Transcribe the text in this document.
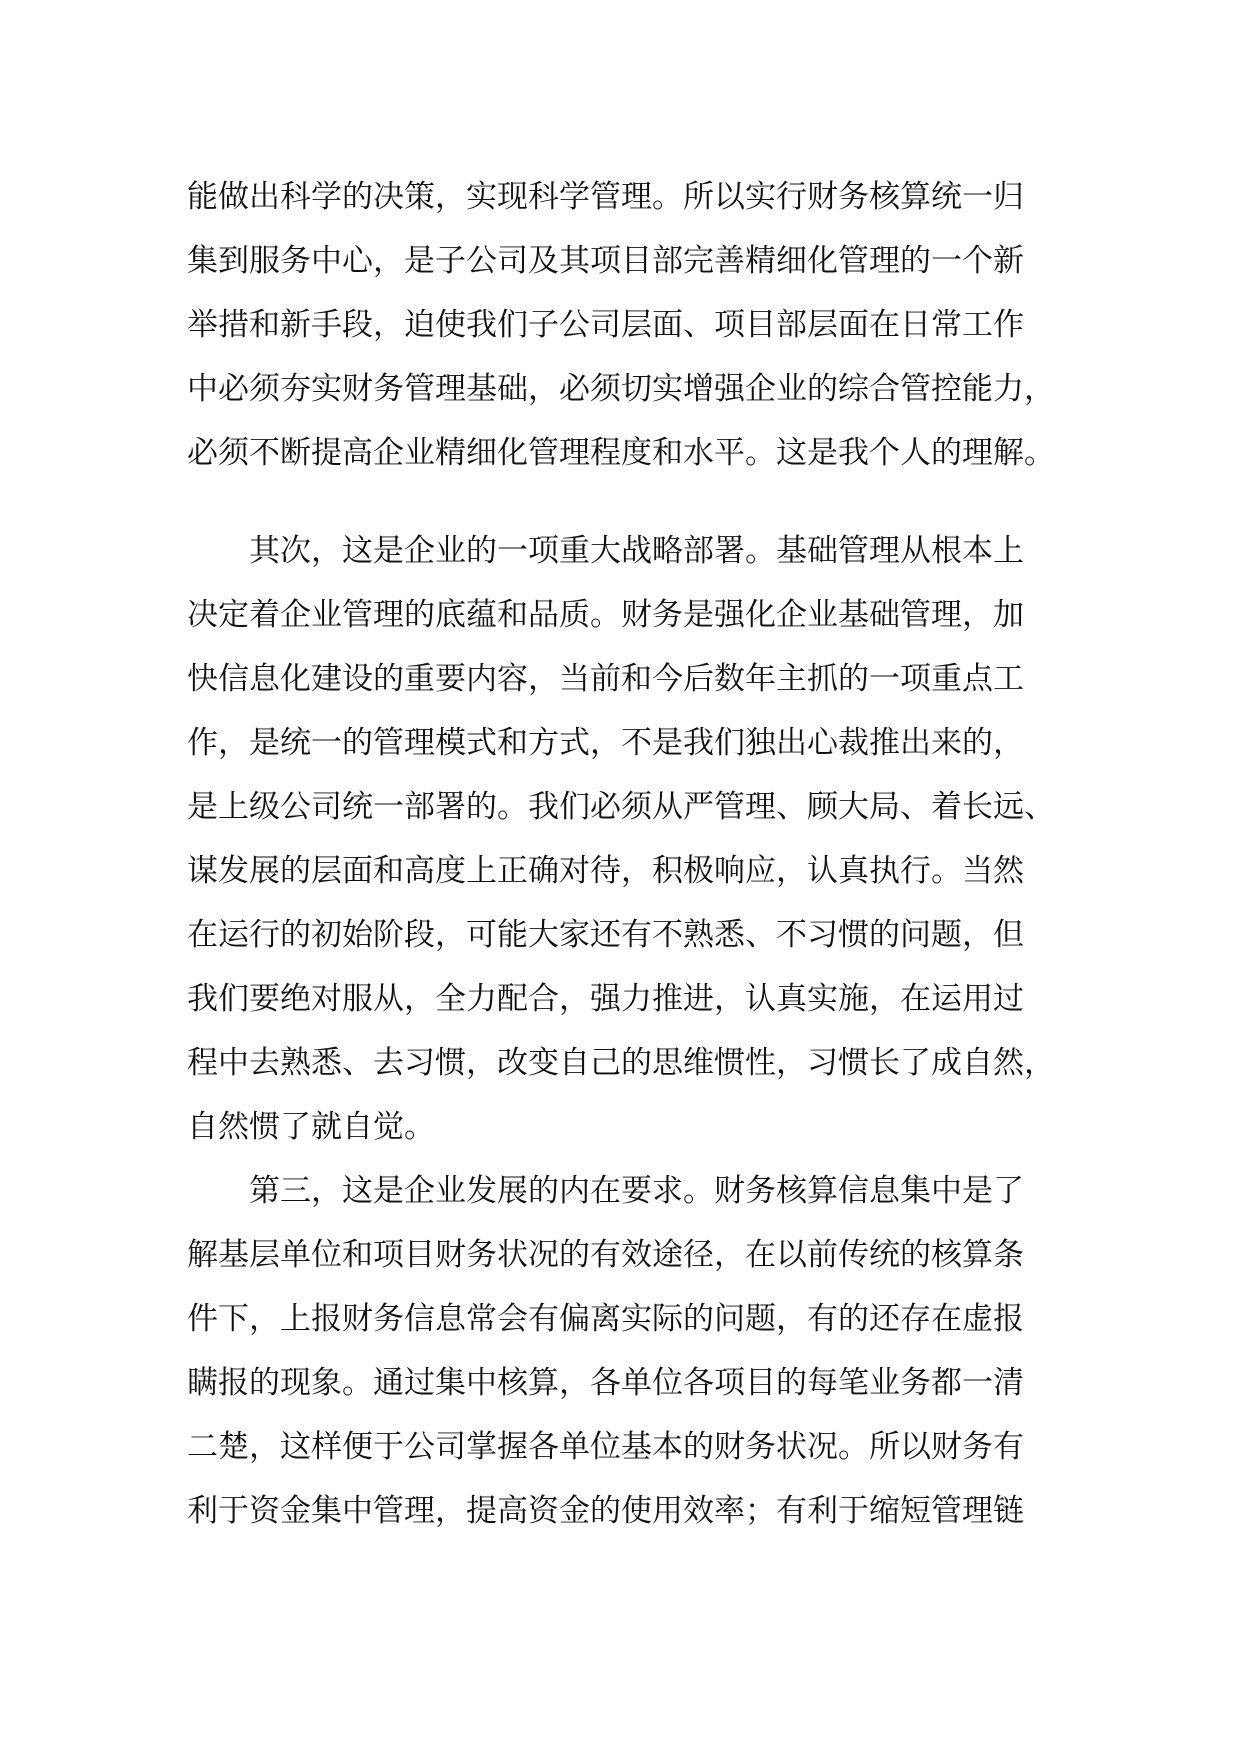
能做出科学的决策，实现科学管理。所以实行财务核算统一归
集到服务中心，是子公司及其项目部完善精细化管理的一个新
举措和新手段，迫使我们子公司层面、项目部层面在日常工作
中必须夯实财务管理基础，必须切实增强企业的综合管控能力，
必须不断提高企业精细化管理程度和水平。这是我个人的理解。
　　其次，这是企业的一项重大战略部署。基础管理从根本上
决定着企业管理的底蕴和品质。财务是强化企业基础管理，加
快信息化建设的重要内容，当前和今后数年主抓的一项重点工
作，是统一的管理模式和方式，不是我们独出心裁推出来的，
是上级公司统一部署的。我们必须从严管理、顾大局、着长远、
谋发展的层面和高度上正确对待，积极响应，认真执行。当然
在运行的初始阶段，可能大家还有不熟悉、不习惯的问题，但
我们要绝对服从，全力配合，强力推进，认真实施，在运用过
程中去熟悉、去习惯，改变自己的思维惯性，习惯长了成自然，
自然惯了就自觉。
　　第三，这是企业发展的内在要求。财务核算信息集中是了
解基层单位和项目财务状况的有效途径，在以前传统的核算条
件下，上报财务信息常会有偏离实际的问题，有的还存在虚报
瞒报的现象。通过集中核算，各单位各项目的每笔业务都一清
二楚，这样便于公司掌握各单位基本的财务状况。所以财务有
利于资金集中管理，提高资金的使用效率；有利于缩短管理链
